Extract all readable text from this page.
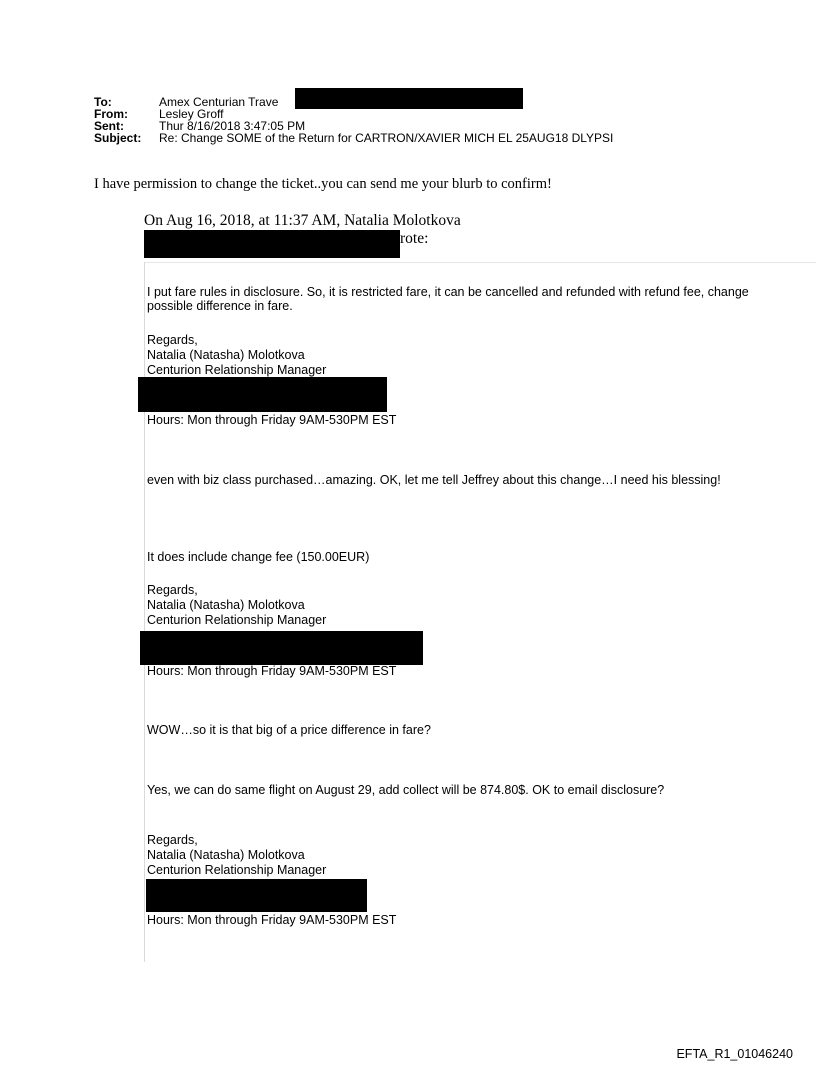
To:	Amex Centurian Trave
From:	Lesley Groff
Sent:	Thur 8/16/2018 3:47:05 PM
Subject: Re: Change SOME of the Return for CARTRON/XAVIER MICH EL 25AUG18 DLYPSI
I have permission to change the ticket..you can send me your blurb to confirm!
On Aug 16, 2018, at 11:37 AM, Natalia Molotkova
rote:
I put fare rules in disclosure. So, it is restricted fare, it can be cancelled and refunded with refund fee, change
possible difference in fare.
Regards,
Natalia (Natasha) Molotkova
Centurion Relationship Manager
Hours: Mon through Friday 9AM-530PM EST
even with biz class purchased…amazing. OK, let me tell Jeffrey about this change…I need his blessing!
It does include change fee (150.00EUR)
Regards,
Natalia (Natasha) Molotkova
Centurion Relationship Manager
Hours: Mon through Friday 9AM-530PM EST
WOW…so it is that big of a price difference in fare?
Yes, we can do same flight on August 29, add collect will be 874.80$. OK to email disclosure?
Regards,
Natalia (Natasha) Molotkova
Centurion Relationship Manager
Hours: Mon through Friday 9AM-530PM EST
EFTA_R1_01046240
